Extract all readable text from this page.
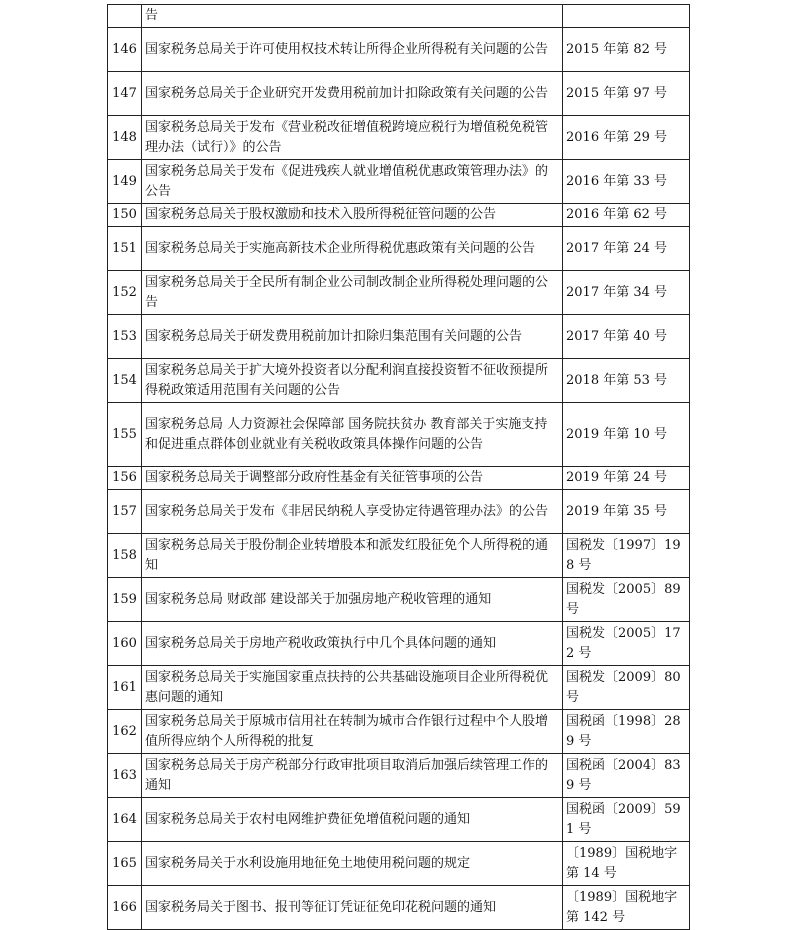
	告	
146	国家税务总局关于许可使用权技术转让所得企业所得税有关问题的公告	2015 年第 82 号
147	国家税务总局关于企业研究开发费用税前加计扣除政策有关问题的公告	2015 年第 97 号
148	国家税务总局关于发布《营业税改征增值税跨境应税行为增值税免税管理办法（试行）》的公告	2016 年第 29 号
149	国家税务总局关于发布《促进残疾人就业增值税优惠政策管理办法》的公告	2016 年第 33 号
150	国家税务总局关于股权激励和技术入股所得税征管问题的公告	2016 年第 62 号
151	国家税务总局关于实施高新技术企业所得税优惠政策有关问题的公告	2017 年第 24 号
152	国家税务总局关于全民所有制企业公司制改制企业所得税处理问题的公告	2017 年第 34 号
153	国家税务总局关于研发费用税前加计扣除归集范围有关问题的公告	2017 年第 40 号
154	国家税务总局关于扩大境外投资者以分配利润直接投资暂不征收预提所得税政策适用范围有关问题的公告	2018 年第 53 号
155	国家税务总局 人力资源社会保障部 国务院扶贫办 教育部关于实施支持和促进重点群体创业就业有关税收政策具体操作问题的公告	2019 年第 10 号
156	国家税务总局关于调整部分政府性基金有关征管事项的公告	2019 年第 24 号
157	国家税务总局关于发布《非居民纳税人享受协定待遇管理办法》的公告	2019 年第 35 号
158	国家税务总局关于股份制企业转增股本和派发红股征免个人所得税的通知	国税发〔1997〕198 号
159	国家税务总局 财政部 建设部关于加强房地产税收管理的通知	国税发〔2005〕89 号
160	国家税务总局关于房地产税收政策执行中几个具体问题的通知	国税发〔2005〕172 号
161	国家税务总局关于实施国家重点扶持的公共基础设施项目企业所得税优惠问题的通知	国税发〔2009〕80 号
162	国家税务总局关于原城市信用社在转制为城市合作银行过程中个人股增值所得应纳个人所得税的批复	国税函〔1998〕289 号
163	国家税务总局关于房产税部分行政审批项目取消后加强后续管理工作的通知	国税函〔2004〕839 号
164	国家税务总局关于农村电网维护费征免增值税问题的通知	国税函〔2009〕591 号
165	国家税务局关于水利设施用地征免土地使用税问题的规定	〔1989〕国税地字第 14 号
166	国家税务局关于图书、报刊等征订凭证征免印花税问题的通知	〔1989〕国税地字第 142 号
